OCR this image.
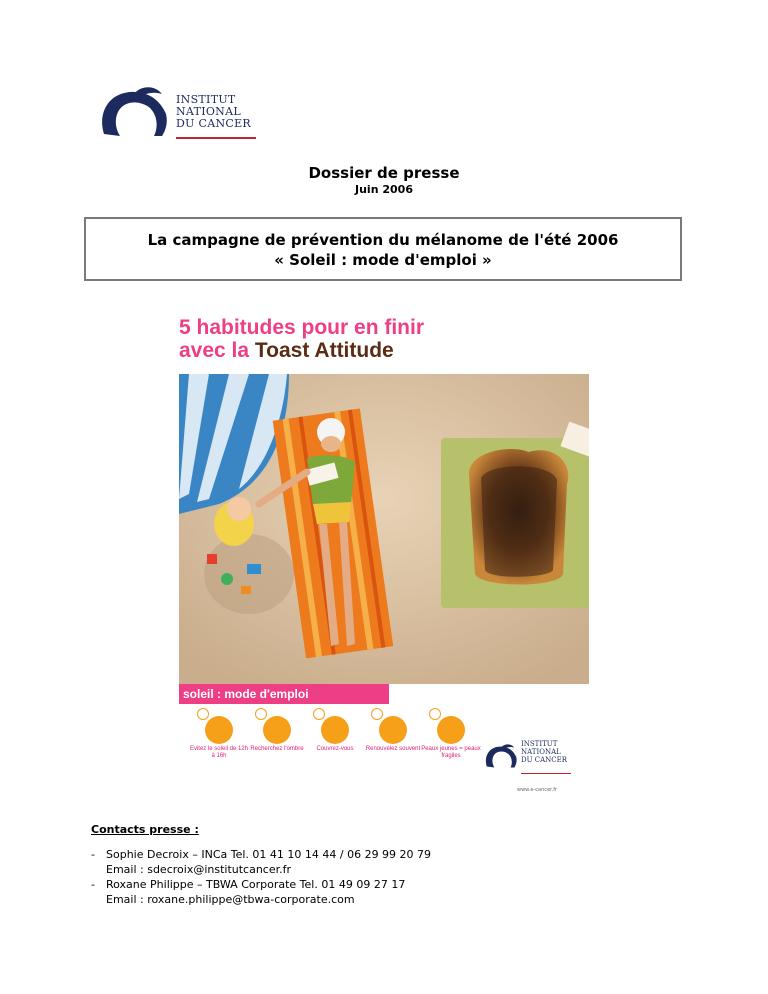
INSTITUT
NATIONAL
DU CANCER
Dossier de presse
Juin 2006
La campagne de prévention du mélanome de l'été 2006
« Soleil : mode d'emploi »
5 habitudes pour en finir
avec la Toast Attitude
soleil : mode d'emploi
Evitez le soleil de 12h à 16h
Recherchez l'ombre	Couvrez-vous	Renouvelez souvent Peaux jeunes = peaux fragiles
INSTITUT
NATIONAL
DU CANCER
www.e-cancer.fr
Contacts presse :
- Sophie Decroix – INCa Tel. 01 41 10 14 44 / 06 29 99 20 79
Email : sdecroix@institutcancer.fr
- Roxane Philippe – TBWA Corporate Tel. 01 49 09 27 17
Email : roxane.philippe@tbwa-corporate.com
